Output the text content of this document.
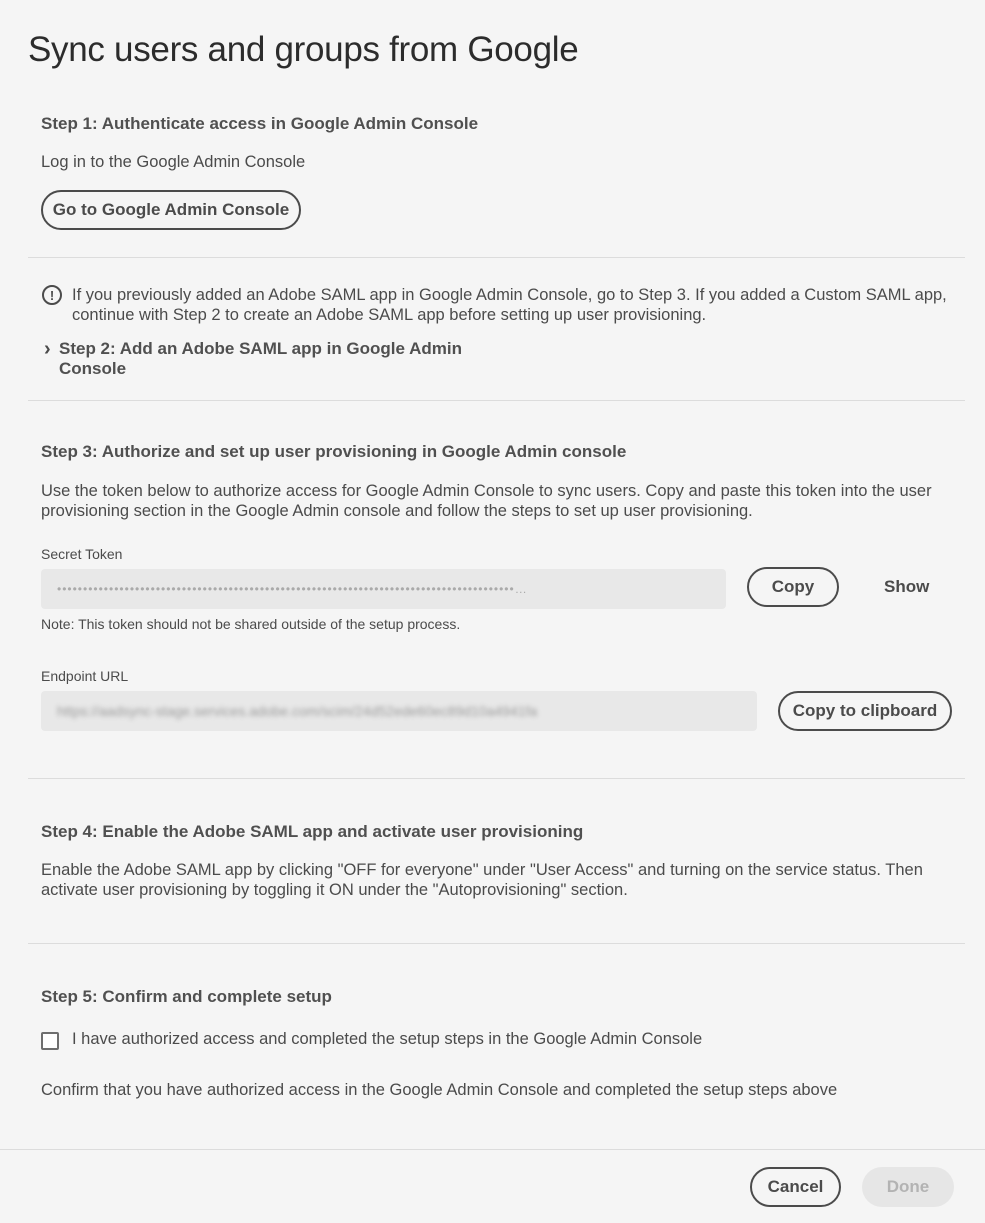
Sync users and groups from Google
Step 1: Authenticate access in Google Admin Console
Log in to the Google Admin Console
Go to Google Admin Console
!	If you previously added an Adobe SAML app in Google Admin Console, go to Step 3. If you added a Custom SAML app,
continue with Step 2 to create an Adobe SAML app before setting up user provisioning.
› Step 2: Add an Adobe SAML app in Google Admin Console
Step 3: Authorize and set up user provisioning in Google Admin console
Use the token below to authorize access for Google Admin Console to sync users. Copy and paste this token into the user
provisioning section in the Google Admin console and follow the steps to set up user provisioning.
Secret Token
••••••••••••••••••••••••••••••••••••••••••••••••••••••••••••••••••••••••••••••••••••••••…	Copy	Show
Note: This token should not be shared outside of the setup process.
Endpoint URL
https://aadsync-stage.services.adobe.com/scim/24d52ede60ec89d10a4941fa	Copy to clipboard
Step 4: Enable the Adobe SAML app and activate user provisioning
Enable the Adobe SAML app by clicking "OFF for everyone" under "User Access" and turning on the service status. Then
activate user provisioning by toggling it ON under the "Autoprovisioning" section.
Step 5: Confirm and complete setup
I have authorized access and completed the setup steps in the Google Admin Console
Confirm that you have authorized access in the Google Admin Console and completed the setup steps above
Cancel	Done
